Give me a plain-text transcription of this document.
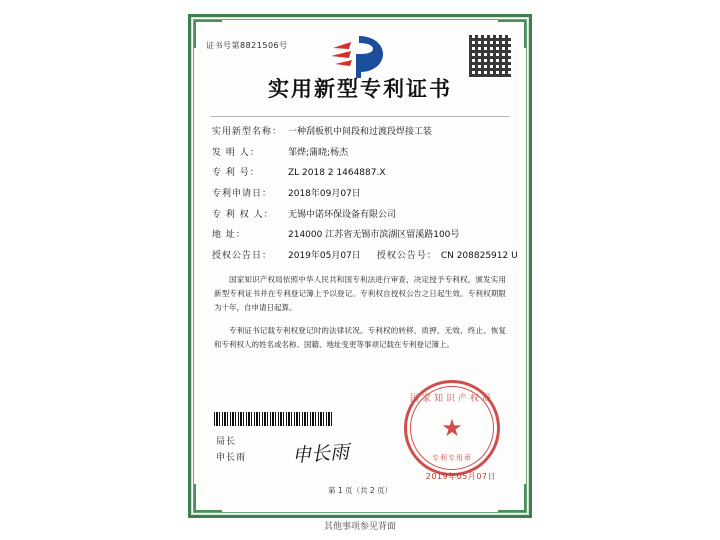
证书号第8821506号
实用新型专利证书
实用新型名称： 一种刮板机中间段和过渡段焊接工装
发 明 人：	邹烨;蒲晓;杨杰
专 利 号：	ZL 2018 2 1464887.X
专利申请日：	2018年09月07日
专 利 权 人：	无锡中诺环保设备有限公司
地 址：	214000 江苏省无锡市滨湖区留溪路100号
授权公告日：	2019年05月07日 授权公告号： CN 208825912 U
国家知识产权局依照中华人民共和国专利法进行审查，决定授予专利权，颁发实用新型专利证书并在专利登记簿上予以登记。专利权自授权公告之日起生效。专利权期限为十年，自申请日起算。
专利证书记载专利权登记时的法律状况。专利权的转移、质押、无效、终止、恢复和专利权人的姓名或名称、国籍、地址变更等事项记载在专利登记簿上。
局长
申长雨 申长雨
国家知识产权局
★
专利专用章
2019年05月07日
第 1 页（共 2 页）
其他事项参见背面
